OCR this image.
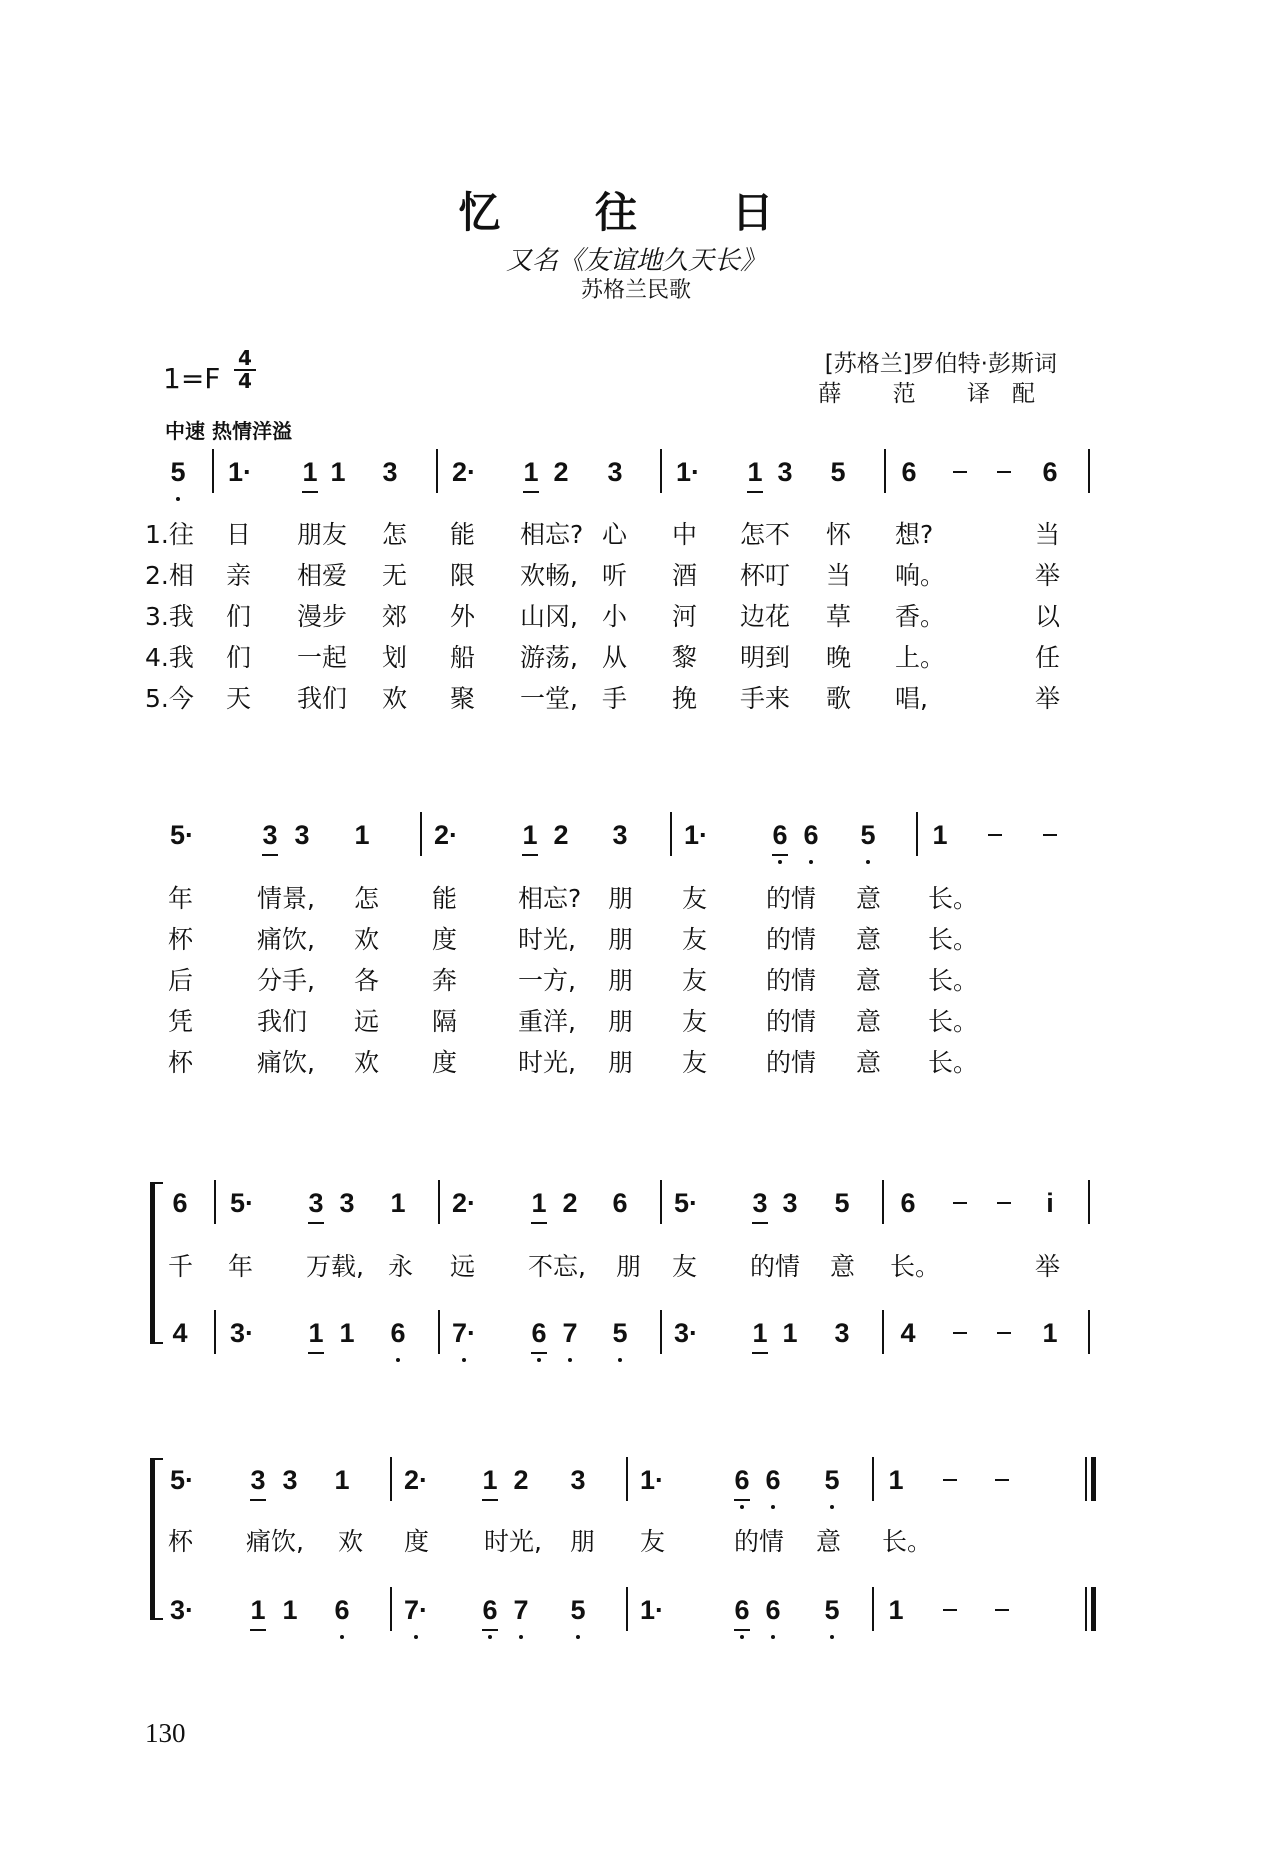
忆 往 日
又名《友谊地久天长》
苏格兰民歌
1=F
4
4
[苏格兰]罗伯特·彭斯词
薛 范 译配
中速 热情洋溢
5 1· 1 1 3 2· 1 2 3 1· 1 3 5 6	6
1.往 日 朋友 怎 能 相忘? 心 中 怎不 怀 想?	当
2.相 亲 相爱 无 限 欢畅, 听 酒 杯叮 当 响。	举
3.我 们 漫步 郊 外 山冈, 小 河 边花 草 香。	以
4.我 们 一起 划 船 游荡, 从 黎 明到 晚 上。	任
5.今 天 我们 欢 聚 一堂, 手 挽 手来 歌 唱,	举
5·	3 3 1 2· 1 2 3 1· 6 6 5 1
年	情景, 怎 能 相忘? 朋 友 的情 意 长。
杯	痛饮, 欢 度 时光, 朋 友 的情 意 长。
后	分手, 各 奔 一方, 朋 友 的情 意 长。
凭	我们 远 隔 重洋, 朋 友 的情 意 长。
杯	痛饮, 欢 度 时光, 朋 友 的情 意 长。
6 5· 3 3 1 2· 1 2 6 5· 3 3 5 6	i
千 年 万载, 永 远 不忘, 朋 友 的情 意 长。	举
4 3· 1 1 6 7· 6 7 5 3· 1 1 3 4	1
5· 3 3 1 2· 1 2 3 1·	6 6 5 1
杯 痛饮, 欢 度 时光, 朋 友	的情 意 长。
3· 1 1 6 7· 6 7 5 1·	6 6 5 1
130
